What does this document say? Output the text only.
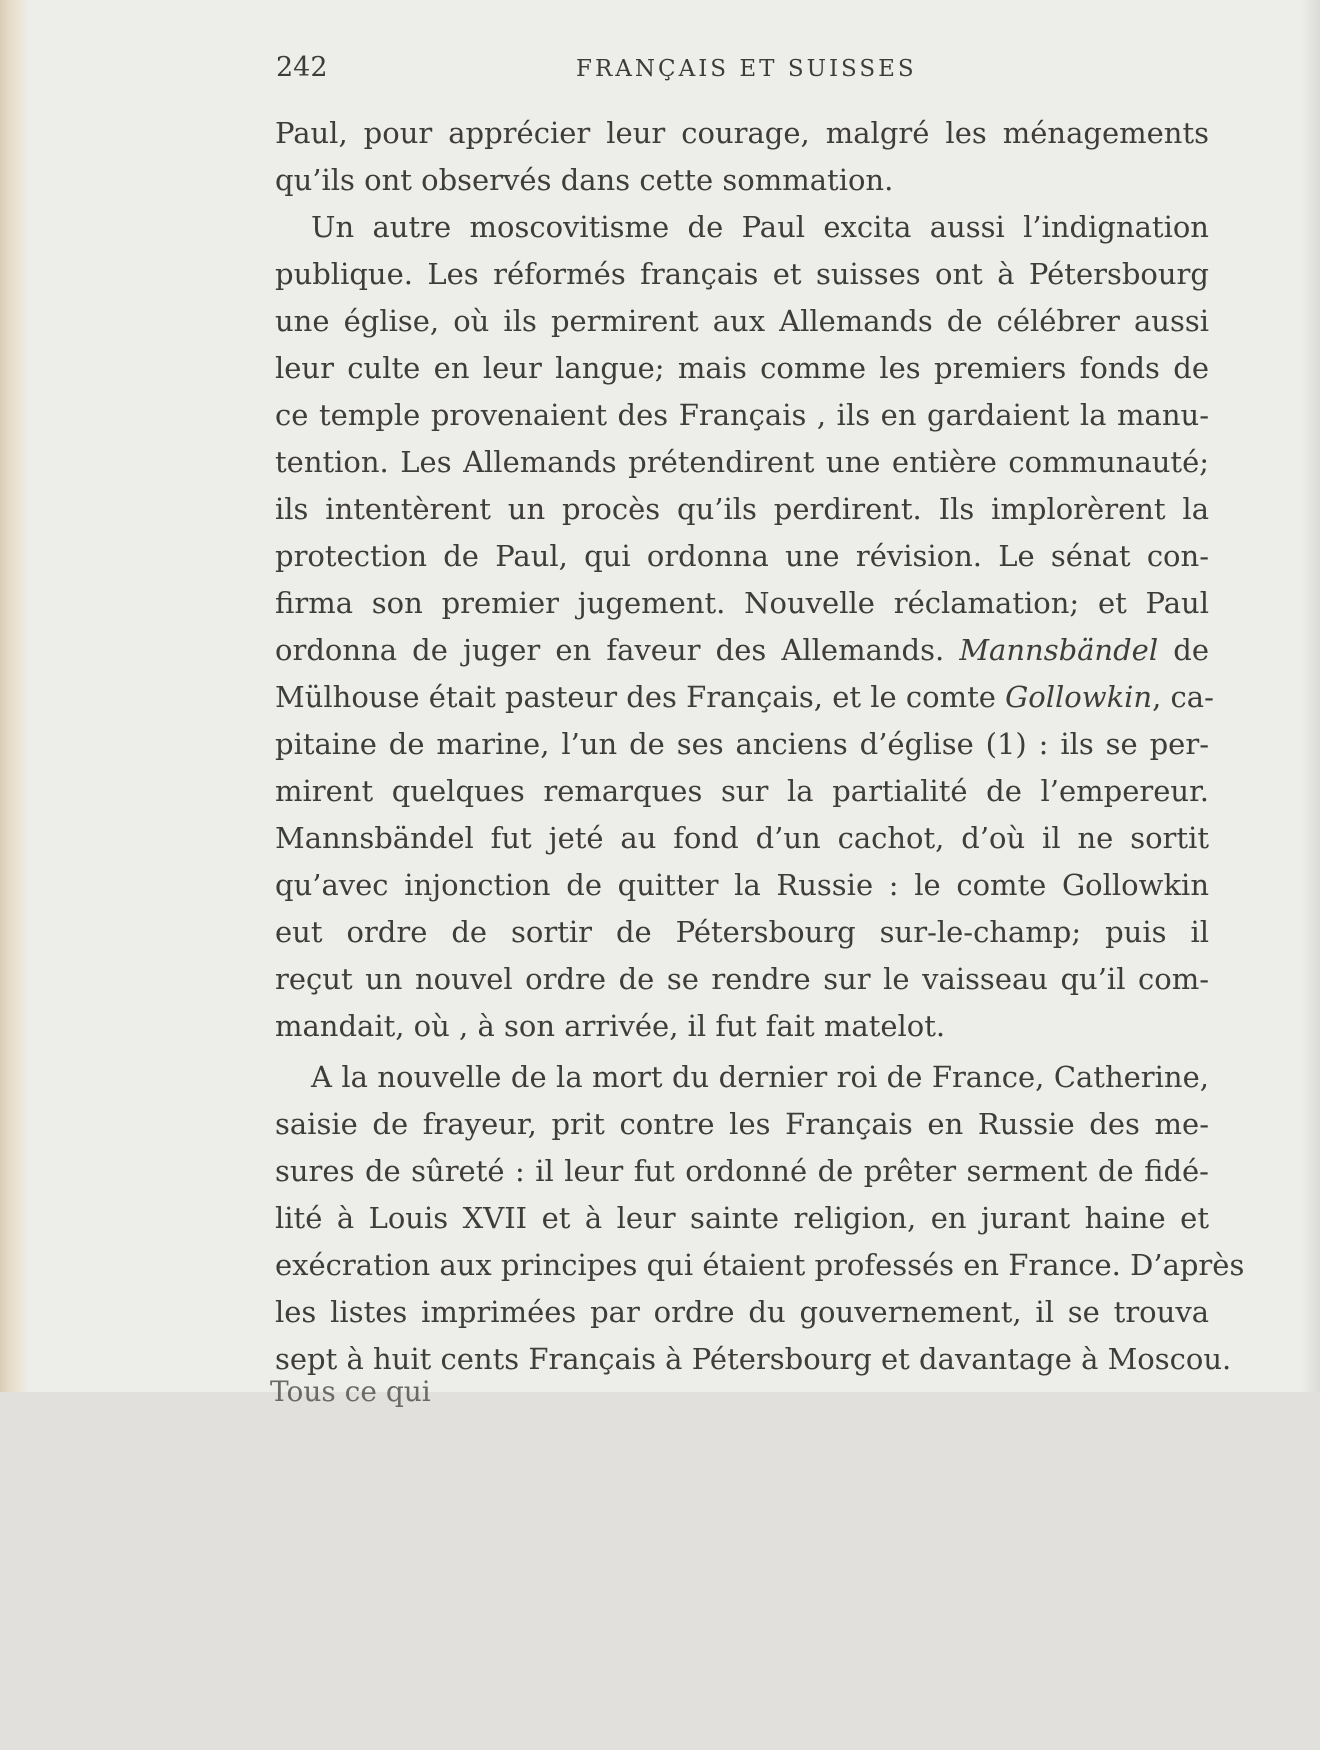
242	FRANÇAIS ET SUISSES
Paul, pour apprécier leur courage, malgré les ménagements
qu’ils ont observés dans cette sommation.
Un autre moscovitisme de Paul excita aussi l’indignation
publique. Les réformés français et suisses ont à Pétersbourg
une église, où ils permirent aux Allemands de célébrer aussi
leur culte en leur langue; mais comme les premiers fonds de
ce temple provenaient des Français , ils en gardaient la manu-
tention. Les Allemands prétendirent une entière communauté;
ils intentèrent un procès qu’ils perdirent. Ils implorèrent la
protection de Paul, qui ordonna une révision. Le sénat con-
firma son premier jugement. Nouvelle réclamation; et Paul
ordonna de juger en faveur des Allemands. Mannsbändel de
Mülhouse était pasteur des Français, et le comte Gollowkin, ca-
pitaine de marine, l’un de ses anciens d’église (1) : ils se per-
mirent quelques remarques sur la partialité de l’empereur.
Mannsbändel fut jeté au fond d’un cachot, d’où il ne sortit
qu’avec injonction de quitter la Russie : le comte Gollowkin
eut ordre de sortir de Pétersbourg sur-le-champ; puis il
reçut un nouvel ordre de se rendre sur le vaisseau qu’il com-
mandait, où , à son arrivée, il fut fait matelot.
A la nouvelle de la mort du dernier roi de France, Catherine,
saisie de frayeur, prit contre les Français en Russie des me-
sures de sûreté : il leur fut ordonné de prêter serment de fidé-
lité à Louis XVII et à leur sainte religion, en jurant haine et
exécration aux principes qui étaient professés en France. D’après
les listes imprimées par ordre du gouvernement, il se trouva
sept à huit cents Français à Pétersbourg et davantage à Moscou.
Tous ce qui
